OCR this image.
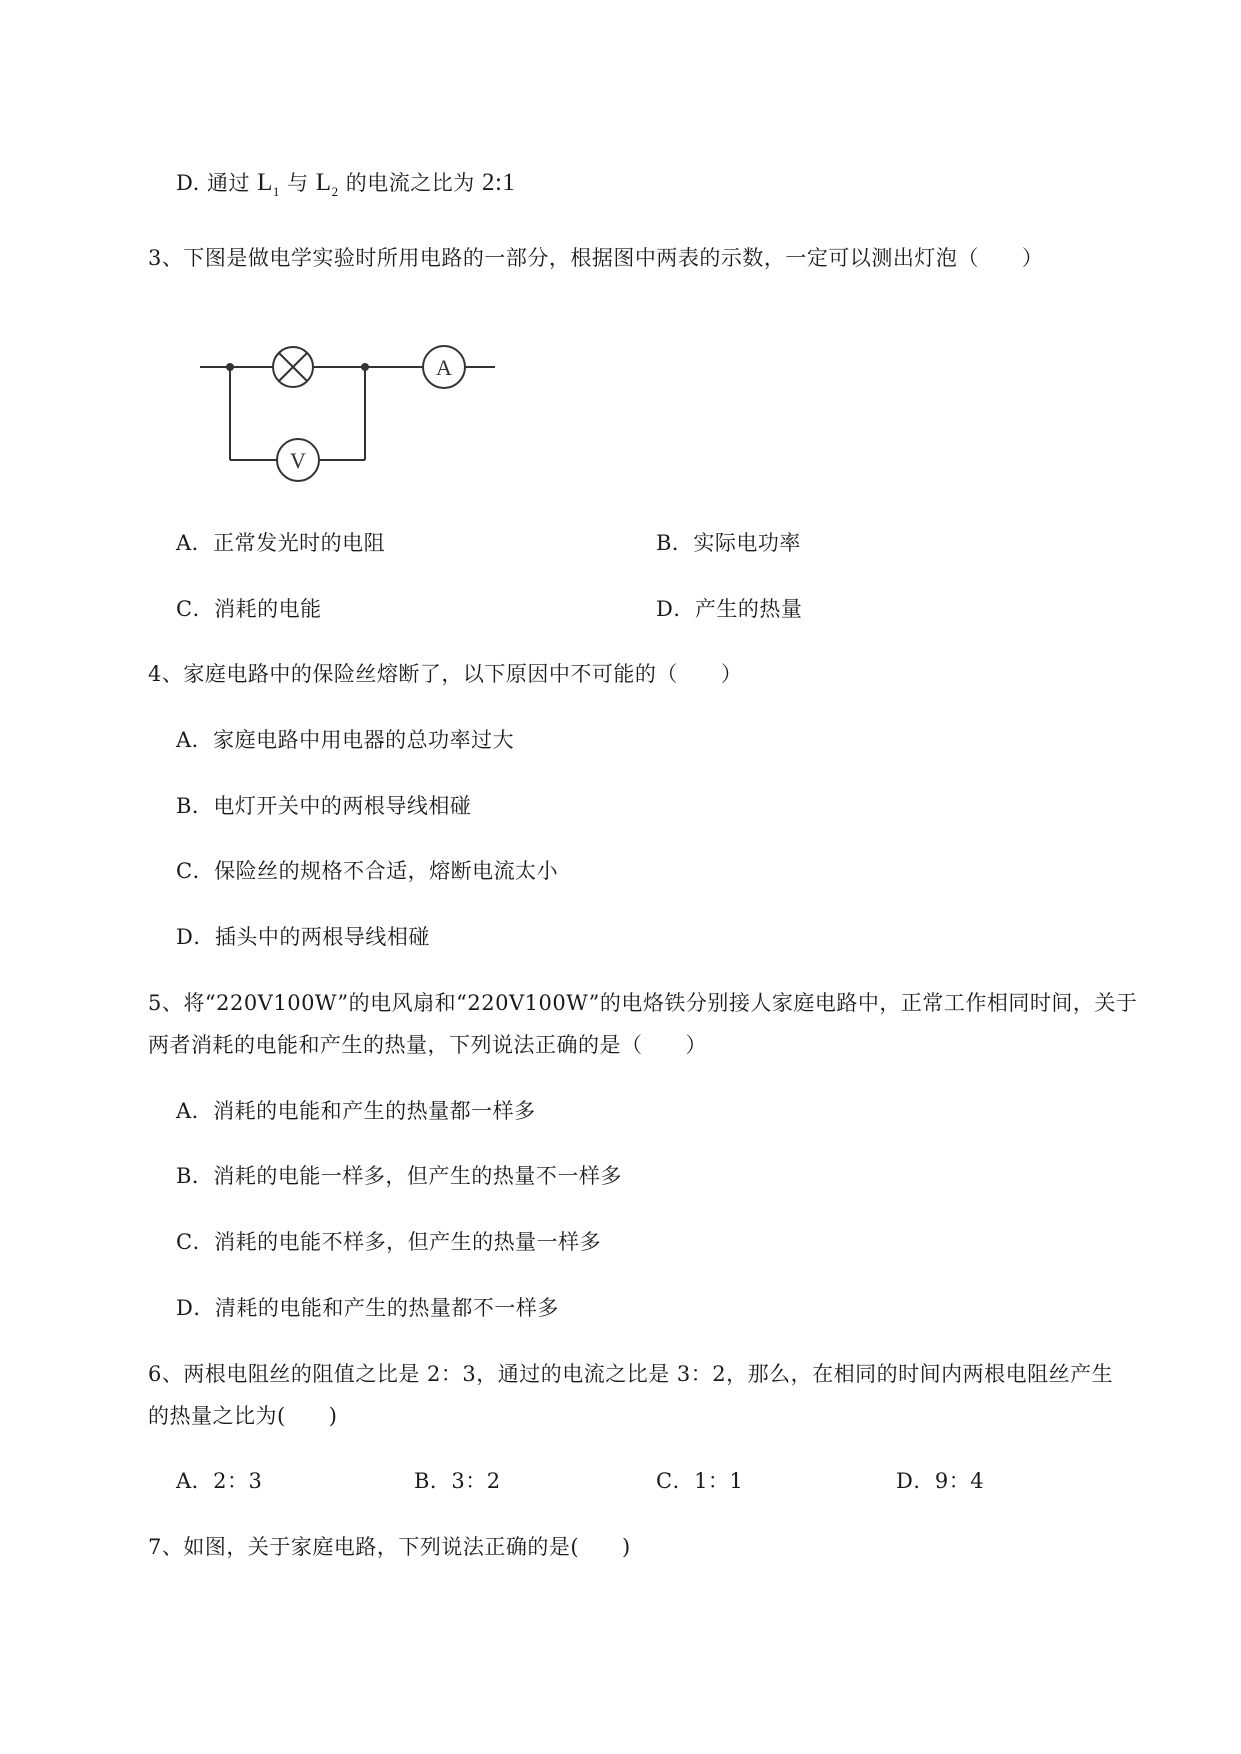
D. 通过 $L_1$ 与 $L_2$ 的电流之比为 2:1
3、下图是做电学实验时所用电路的一部分，根据图中两表的示数，一定可以测出灯泡（　　）
A
V
A．正常发光时的电阻	B．实际电功率
C．消耗的电能	D．产生的热量
4、家庭电路中的保险丝熔断了，以下原因中不可能的（　　）
A．家庭电路中用电器的总功率过大
B．电灯开关中的两根导线相碰
C．保险丝的规格不合适，熔断电流太小
D．插头中的两根导线相碰
5、将“220V100W”的电风扇和“220V100W”的电烙铁分别接人家庭电路中，正常工作相同时间，关于
两者消耗的电能和产生的热量，下列说法正确的是（　　）
A．消耗的电能和产生的热量都一样多
B．消耗的电能一样多，但产生的热量不一样多
C．消耗的电能不样多，但产生的热量一样多
D．清耗的电能和产生的热量都不一样多
6、两根电阻丝的阻值之比是 2：3，通过的电流之比是 3：2，那么，在相同的时间内两根电阻丝产生
的热量之比为(　　)
A．2：3	B．3：2	C．1：1	D．9：4
7、如图，关于家庭电路，下列说法正确的是(　　)
